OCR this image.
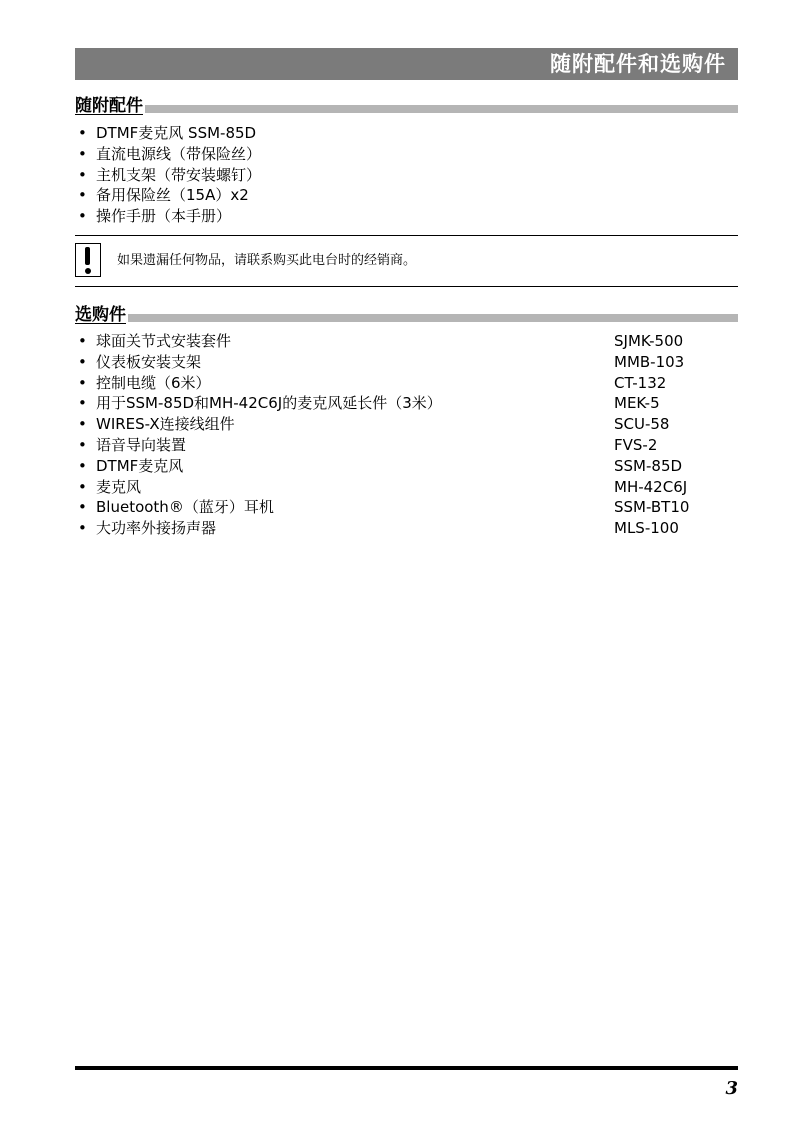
随附配件和选购件
随附配件
• DTMF麦克风 SSM-85D
• 直流电源线（带保险丝）
• 主机支架（带安装螺钉）
• 备用保险丝（15A）x2
• 操作手册（本手册）
如果遗漏任何物品，请联系购买此电台时的经销商。
选购件
• 球面关节式安装套件	SJMK-500
• 仪表板安装支架	MMB-103
• 控制电缆（6米）	CT-132
• 用于SSM-85D和MH-42C6J的麦克风延长件（3米）	MEK-5
• WIRES-X连接线组件	SCU-58
• 语音导向装置	FVS-2
• DTMF麦克风	SSM-85D
• 麦克风	MH-42C6J
• Bluetooth®（蓝牙）耳机	SSM-BT10
• 大功率外接扬声器	MLS-100
3
